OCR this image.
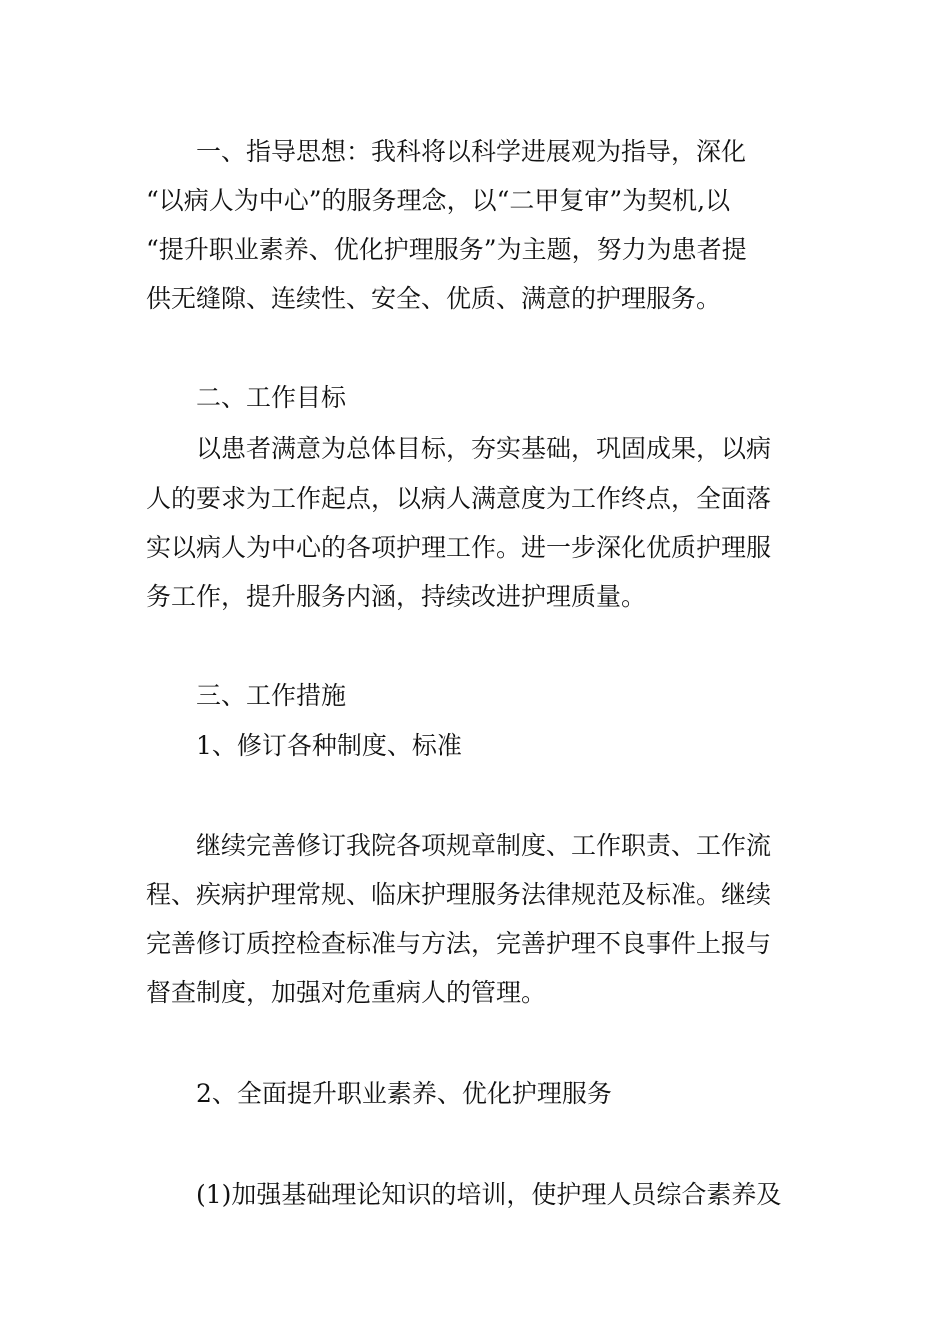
一、指导思想：我科将以科学进展观为指导，深化
“以病人为中心”的服务理念，以“二甲复审”为契机,以
“提升职业素养、优化护理服务”为主题，努力为患者提
供无缝隙、连续性、安全、优质、满意的护理服务。
二、工作目标
以患者满意为总体目标，夯实基础，巩固成果，以病
人的要求为工作起点，以病人满意度为工作终点，全面落
实以病人为中心的各项护理工作。进一步深化优质护理服
务工作，提升服务内涵，持续改进护理质量。
三、工作措施
1、修订各种制度、标准
继续完善修订我院各项规章制度、工作职责、工作流
程、疾病护理常规、临床护理服务法律规范及标准。继续
完善修订质控检查标准与方法，完善护理不良事件上报与
督查制度，加强对危重病人的管理。
2、全面提升职业素养、优化护理服务
(1)加强基础理论知识的培训，使护理人员综合素养及
